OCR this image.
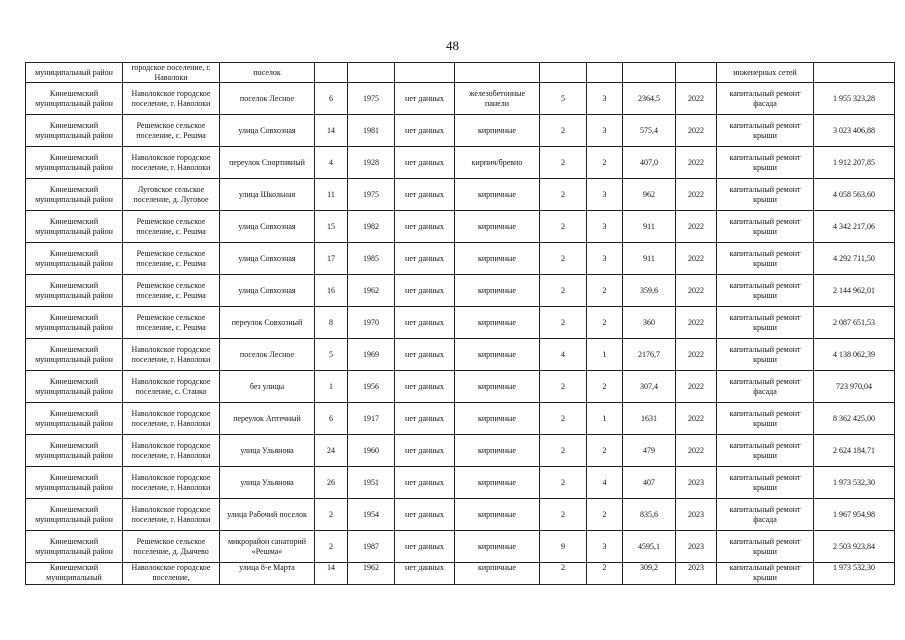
48
муниципальный район	городское поселение, г. Наволоки	поселок									инженерных сетей	
Кинешемский муниципальный район	Наволокское городское поселение, г. Наволоки	поселок Лесное	6	1975	нет данных	железобетонные панели	5	3	2364,5	2022	капитальный ремонт фасада	1 955 323,28
Кинешемский муниципальный район	Решемское сельское поселение, с. Решма	улица Совхозная	14	1981	нет данных	кирпичные	2	3	575,4	2022	капитальный ремонт крыши	3 023 406,88
Кинешемский муниципальный район	Наволокское городское поселение, г. Наволоки	переулок Спортивный	4	1928	нет данных	кирпич/бревно	2	2	407,0	2022	капитальный ремонт крыши	1 912 207,85
Кинешемский муниципальный район	Луговское сельское поселение, д. Луговое	улица Школьная	11	1975	нет данных	кирпичные	2	3	962	2022	капитальный ремонт крыши	4 058 563,60
Кинешемский муниципальный район	Решемское сельское поселение, с. Решма	улица Совхозная	15	1982	нет данных	кирпичные	2	3	911	2022	капитальный ремонт крыши	4 342 217,06
Кинешемский муниципальный район	Решемское сельское поселение, с. Решма	улица Совхозная	17	1985	нет данных	кирпичные	2	3	911	2022	капитальный ремонт крыши	4 292 711,50
Кинешемский муниципальный район	Решемское сельское поселение, с. Решма	улица Совхозная	16	1962	нет данных	кирпичные	2	2	359,6	2022	капитальный ремонт крыши	2 144 962,01
Кинешемский муниципальный район	Решемское сельское поселение, с. Решма	переулок Совхозный	8	1970	нет данных	кирпичные	2	2	360	2022	капитальный ремонт крыши	2 087 651,53
Кинешемский муниципальный район	Наволокское городское поселение, г. Наволоки	поселок Лесное	5	1969	нет данных	кирпичные	4	1	2176,7	2022	капитальный ремонт крыши	4 138 062,39
Кинешемский муниципальный район	Наволокское городское поселение, с. Станко	без улицы	1	1956	нет данных	кирпичные	2	2	307,4	2022	капитальный ремонт фасада	723 970,04
Кинешемский муниципальный район	Наволокское городское поселение, г. Наволоки	переулок Аптечный	6	1917	нет данных	кирпичные	2	1	1631	2022	капитальный ремонт крыши	8 362 425,00
Кинешемский муниципальный район	Наволокское городское поселение, г. Наволоки	улица Ульянова	24	1960	нет данных	кирпичные	2	2	479	2022	капитальный ремонт крыши	2 624 184,71
Кинешемский муниципальный район	Наволокское городское поселение, г. Наволоки	улица Ульянова	26	1951	нет данных	кирпичные	2	4	407	2023	капитальный ремонт крыши	1 973 532,30
Кинешемский муниципальный район	Наволокское городское поселение, г. Наволоки	улица Рабочий поселок	2	1954	нет данных	кирпичные	2	2	835,6	2023	капитальный ремонт фасада	1 967 954,98
Кинешемский муниципальный район	Решемское сельское поселение, д. Дьячево	микрорайон санаторий «Решма»	2	1987	нет данных	кирпичные	9	3	4595,1	2023	капитальный ремонт крыши	2 503 923,84
Кинешемский муниципальный	Наволокское городское поселение,	улица 8-е Марта	14	1962	нет данных	кирпичные	2	2	309,2	2023	капитальный ремонт крыши	1 973 532,30
